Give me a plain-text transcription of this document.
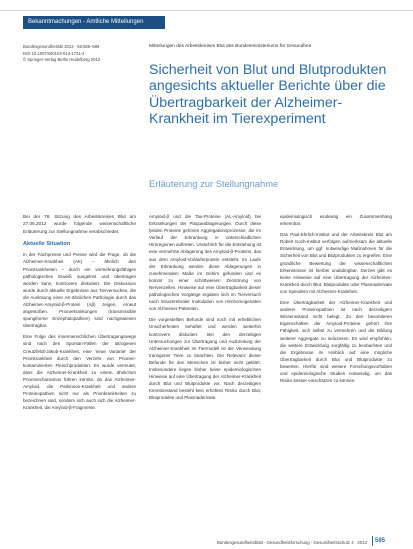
Bekanntmachungen - Amtliche Mitteilungen
Bundesgesundheitsbl 2013 · 56:585–589
DOI 10.1007/s00103-013-1741-4
© Springer-Verlag Berlin Heidelberg 2013
Mitteilungen des Arbeitskreises Blut des Bundesministeriums für Gesundheit
Sicherheit von Blut und Blutprodukten angesichts aktueller Berichte über die Übertragbarkeit der Alzheimer-Krankheit im Tierexperiment
Erläuterung zur Stellungnahme

Bei der 78. Sitzung des Arbeitskreises Blut am 27.06.2012 wurde folgende wissenschaftliche Erläuterung zur Stellungnahme verabschiedet.

Aktuelle Situation

In der Fachpresse und Presse wird die Frage, ob die Alzheimer-Krankheit (AK) – ähnlich den Prionkrankheiten – durch ein vermehrungsfähiges pathologisches Eiweiß ausgelöst und übertragen werden kann, kontrovers diskutiert. Die Diskussion wurde durch aktuelle Ergebnisse aus Tierversuchen, die die Auslösung einer AK-ähnlichen Pathologie durch das Alzheimer-Amyloid-β-Protein (Aβ) zeigen, erneut angestoßen. Prionerkrankungen (transmissible spongiforme Enzephalopathien) sind nachgewiesen übertragbar.

Eine Folge des innermenschlichen Übertragungswegs sind nach den Spontan-Fällen der iatrogenen Creutzfeldt-Jakob-Krankheit, eine 'neue Variante' der Prionkrankheit durch den Verzehr von Prionen-kontaminierten Fleischprodukten. Es wurde vermutet, dass die Alzheimer-Krankheit zu einem ähnlichen Prionmechanismus führen könnte, da das Alzheimer-Amyloid, die Parkinson-Krankheit und andere Proteinopathien nicht nur als Prionkrankheiten zu bezeichnen sind, sondern sich auch sich die Alzheimer-Krankheit, die Amyloid-β-Fragmente.

Amyloid-β und die Tau-Proteine (AL-Amyloid) bei Erkrankungen der Plaqueablagerungen. Durch diese beiden Proteine gehören Aggregationsprozesse, die im Verlauf der Erkrankung in unterschiedlichen Hirnregionen auftreten. Ursächlich für die Entstehung ist eine vermehrte Ablagerung des Amyloid-β-Proteins, das aus dem Amyloid-Vorläuferprotein entsteht. Im Laufe der Erkrankung werden diese Ablagerungen in zunehmendem Maße im Gehirn gefunden und es kommt zu einer schrittweisen Zerstörung von Nervenzellen. Hinweise auf eine Übertragbarkeit dieser pathologischen Vorgänge ergaben sich im Tierversuch nach intrazerebraler Inokulation von Hirnhomogenaten von Alzheimer-Patienten.

Die vorgestellten Befunde sind noch mit erheblichen Unsicherheiten behaftet und werden weiterhin kontrovers diskutiert. Bei den derzeitigen Untersuchungen zur Übertragung und Ausbreitung der Alzheimer-Krankheit im Tiermodell ist die Verwendung transgener Tiere zu beachten. Die Relevanz dieser Befunde für den Menschen ist bisher nicht geklärt. Insbesondere liegen bisher keine epidemiologischen Hinweise auf eine Übertragung der Alzheimer-Krankheit durch Blut und Blutprodukte vor. Nach derzeitigem Kenntnisstand besteht kein erhöhtes Risiko durch Blut, Blutprodukte und Plasmaderivate.

epidemiologisch eindeutig ein Zusammenhang erkennbar.

Das Paul-Ehrlich-Institut und der Arbeitskreis Blut am Robert Koch-Institut verfolgen aufmerksam die aktuelle Entwicklung, um ggf. notwendige Maßnahmen für die Sicherheit von Blut und Blutprodukten zu ergreifen. Eine gründliche Bewertung der wissenschaftlichen Erkenntnisse ist hierbei unabdingbar. Derzeit gibt es keine Hinweise auf eine Übertragung der Alzheimer-Krankheit durch Blut, Blutprodukte oder Plasmaderivate von Spendern mit Alzheimer-Krankheit.

Eine Übertragbarkeit der Alzheimer-Krankheit und anderer Proteinopathien ist nach derzeitigem Wissensstand nicht belegt. Zu den besonderen Eigenschaften der Amyloid-Proteine gehört ihre Fähigkeit, sich selbst zu vermehren und die Bildung weiterer Aggregate zu induzieren. Es wird empfohlen, die weitere Entwicklung sorgfältig zu beobachten und die Ergebnisse im Hinblick auf eine mögliche Übertragbarkeit durch Blut und Blutprodukte zu bewerten. Hierfür sind weitere Forschungsvorhaben und epidemiologische Studien notwendig, um das Risiko besser einschätzen zu können.

Bundesgesundheitsblatt - Gesundheitsforschung - Gesundheitsschutz 4 · 2013 585
